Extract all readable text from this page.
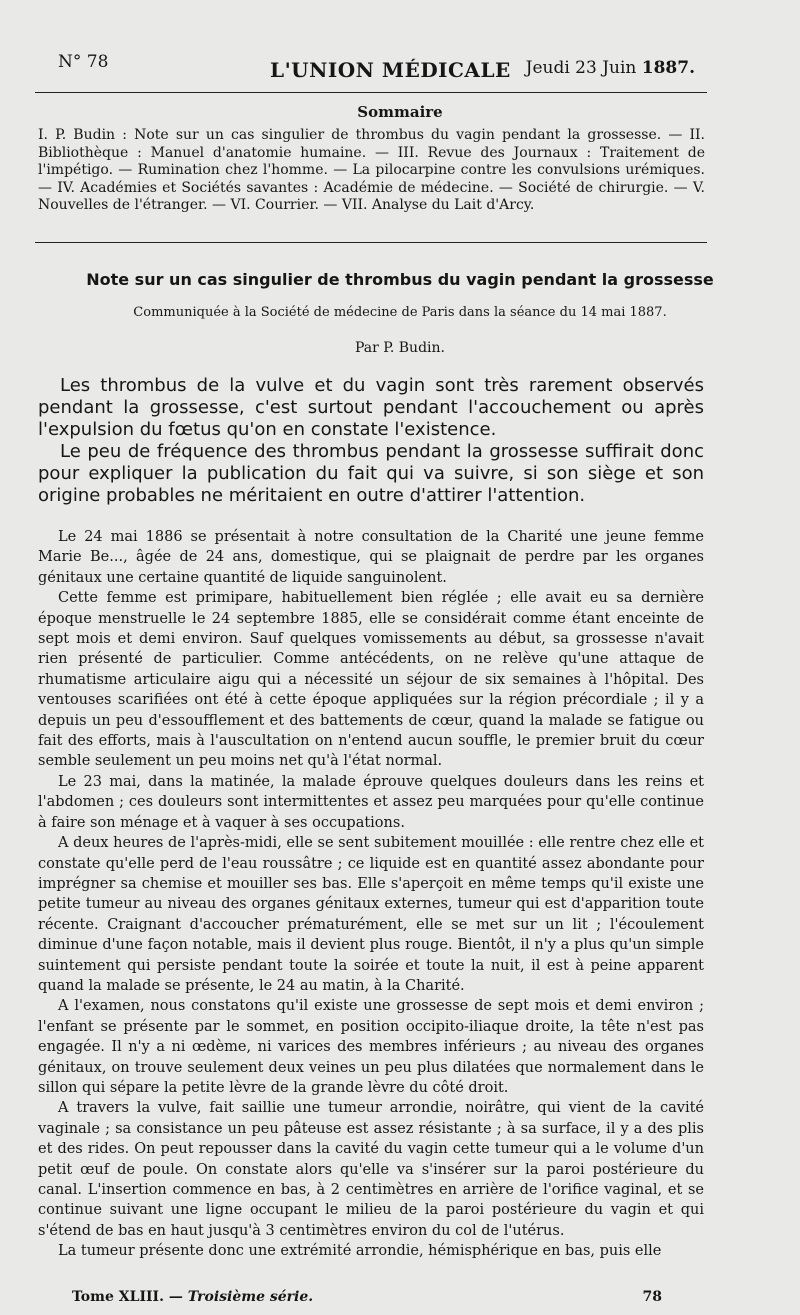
N° 78	L'UNION MÉDICALE Jeudi 23 Juin 1887.
Sommaire

I. P. Budin : Note sur un cas singulier de thrombus du vagin pendant la grossesse. — II. Bibliothèque : Manuel d'anatomie humaine. — III. Revue des Journaux : Traitement de l'impétigo. — Rumination chez l'homme. — La pilocarpine contre les convulsions urémiques. — IV. Académies et Sociétés savantes : Académie de médecine. — Société de chirurgie. — V. Nouvelles de l'étranger. — VI. Courrier. — VII. Analyse du Lait d'Arcy.

Note sur un cas singulier de thrombus du vagin pendant la grossesse
Communiquée à la Société de médecine de Paris dans la séance du 14 mai 1887.
Par P. Budin.

Les thrombus de la vulve et du vagin sont très rarement observés pendant la grossesse, c'est surtout pendant l'accouchement ou après l'expulsion du fœtus qu'on en constate l'existence.

Le peu de fréquence des thrombus pendant la grossesse suffirait donc pour expliquer la publication du fait qui va suivre, si son siège et son origine probables ne méritaient en outre d'attirer l'attention.

Le 24 mai 1886 se présentait à notre consultation de la Charité une jeune femme Marie Be..., âgée de 24 ans, domestique, qui se plaignait de perdre par les organes génitaux une certaine quantité de liquide sanguinolent.

Cette femme est primipare, habituellement bien réglée ; elle avait eu sa dernière époque menstruelle le 24 septembre 1885, elle se considérait comme étant enceinte de sept mois et demi environ. Sauf quelques vomissements au début, sa grossesse n'avait rien présenté de particulier. Comme antécédents, on ne relève qu'une attaque de rhumatisme articulaire aigu qui a nécessité un séjour de six semaines à l'hôpital. Des ventouses scarifiées ont été à cette époque appliquées sur la région précordiale ; il y a depuis un peu d'essoufflement et des battements de cœur, quand la malade se fatigue ou fait des efforts, mais à l'auscultation on n'entend aucun souffle, le premier bruit du cœur semble seulement un peu moins net qu'à l'état normal.

Le 23 mai, dans la matinée, la malade éprouve quelques douleurs dans les reins et l'abdomen ; ces douleurs sont intermittentes et assez peu marquées pour qu'elle continue à faire son ménage et à vaquer à ses occupations.

A deux heures de l'après-midi, elle se sent subitement mouillée : elle rentre chez elle et constate qu'elle perd de l'eau roussâtre ; ce liquide est en quantité assez abondante pour imprégner sa chemise et mouiller ses bas. Elle s'aperçoit en même temps qu'il existe une petite tumeur au niveau des organes génitaux externes, tumeur qui est d'apparition toute récente. Craignant d'accoucher prématurément, elle se met sur un lit ; l'écoulement diminue d'une façon notable, mais il devient plus rouge. Bientôt, il n'y a plus qu'un simple suintement qui persiste pendant toute la soirée et toute la nuit, il est à peine apparent quand la malade se présente, le 24 au matin, à la Charité.

A l'examen, nous constatons qu'il existe une grossesse de sept mois et demi environ ; l'enfant se présente par le sommet, en position occipito-iliaque droite, la tête n'est pas engagée. Il n'y a ni œdème, ni varices des membres inférieurs ; au niveau des organes génitaux, on trouve seulement deux veines un peu plus dilatées que normalement dans le sillon qui sépare la petite lèvre de la grande lèvre du côté droit.

A travers la vulve, fait saillie une tumeur arrondie, noirâtre, qui vient de la cavité vaginale ; sa consistance un peu pâteuse est assez résistante ; à sa surface, il y a des plis et des rides. On peut repousser dans la cavité du vagin cette tumeur qui a le volume d'un petit œuf de poule. On constate alors qu'elle va s'insérer sur la paroi postérieure du canal. L'insertion commence en bas, à 2 centimètres en arrière de l'orifice vaginal, et se continue suivant une ligne occupant le milieu de la paroi postérieure du vagin et qui s'étend de bas en haut jusqu'à 3 centimètres environ du col de l'utérus.

La tumeur présente donc une extrémité arrondie, hémisphérique en bas, puis elle

Tome XLIII. — Troisième série.	78
